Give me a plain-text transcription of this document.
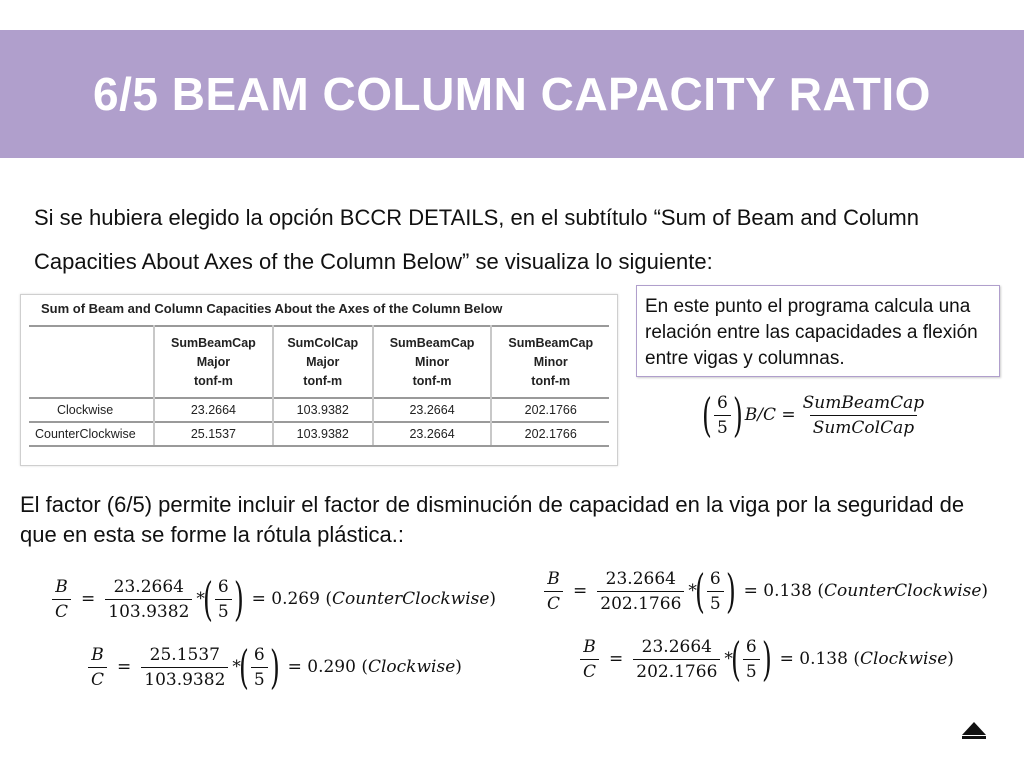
6/5 BEAM COLUMN CAPACITY RATIO

Si se hubiera elegido la opción BCCR DETAILS, en el subtítulo “Sum of Beam and Column Capacities About Axes of the Column Below” se visualiza lo siguiente:

Sum of Beam and Column Capacities About the Axes of the Column Below

	SumBeamCap
Major
tonf-m	SumColCap
Major
tonf-m	SumBeamCap
Minor
tonf-m	SumBeamCap
Minor
tonf-m

Clockwise	23.2664	103.9382	23.2664	202.1766
CounterClockwise	25.1537	103.9382	23.2664	202.1766
En este punto el programa calcula una relación entre las capacidades a flexión entre vigas y columnas.
( $\frac{6}{5}$ ) $B/C = \frac{\text{SumBeamCap}}{\text{SumColCap}}$

El factor (6/5) permite incluir el factor de disminución de capacidad en la viga por la seguridad de que en esta se forme la rótula plástica.:

$\frac{B}{C} = \frac{23.2664}{103.9382}$ *
( $\frac{6}{5}$ ) = 0.269 ( CounterClockwise )
$\frac{B}{C} = \frac{25.1537}{103.9382}$ *
( $\frac{6}{5}$ ) = 0.290 ( Clockwise )
$\frac{B}{C} = \frac{23.2664}{202.1766}$ *
( $\frac{6}{5}$ ) = 0.138 ( CounterClockwise )
$\frac{B}{C} = \frac{23.2664}{202.1766}$ *
( $\frac{6}{5}$ ) = 0.138 ( Clockwise )
